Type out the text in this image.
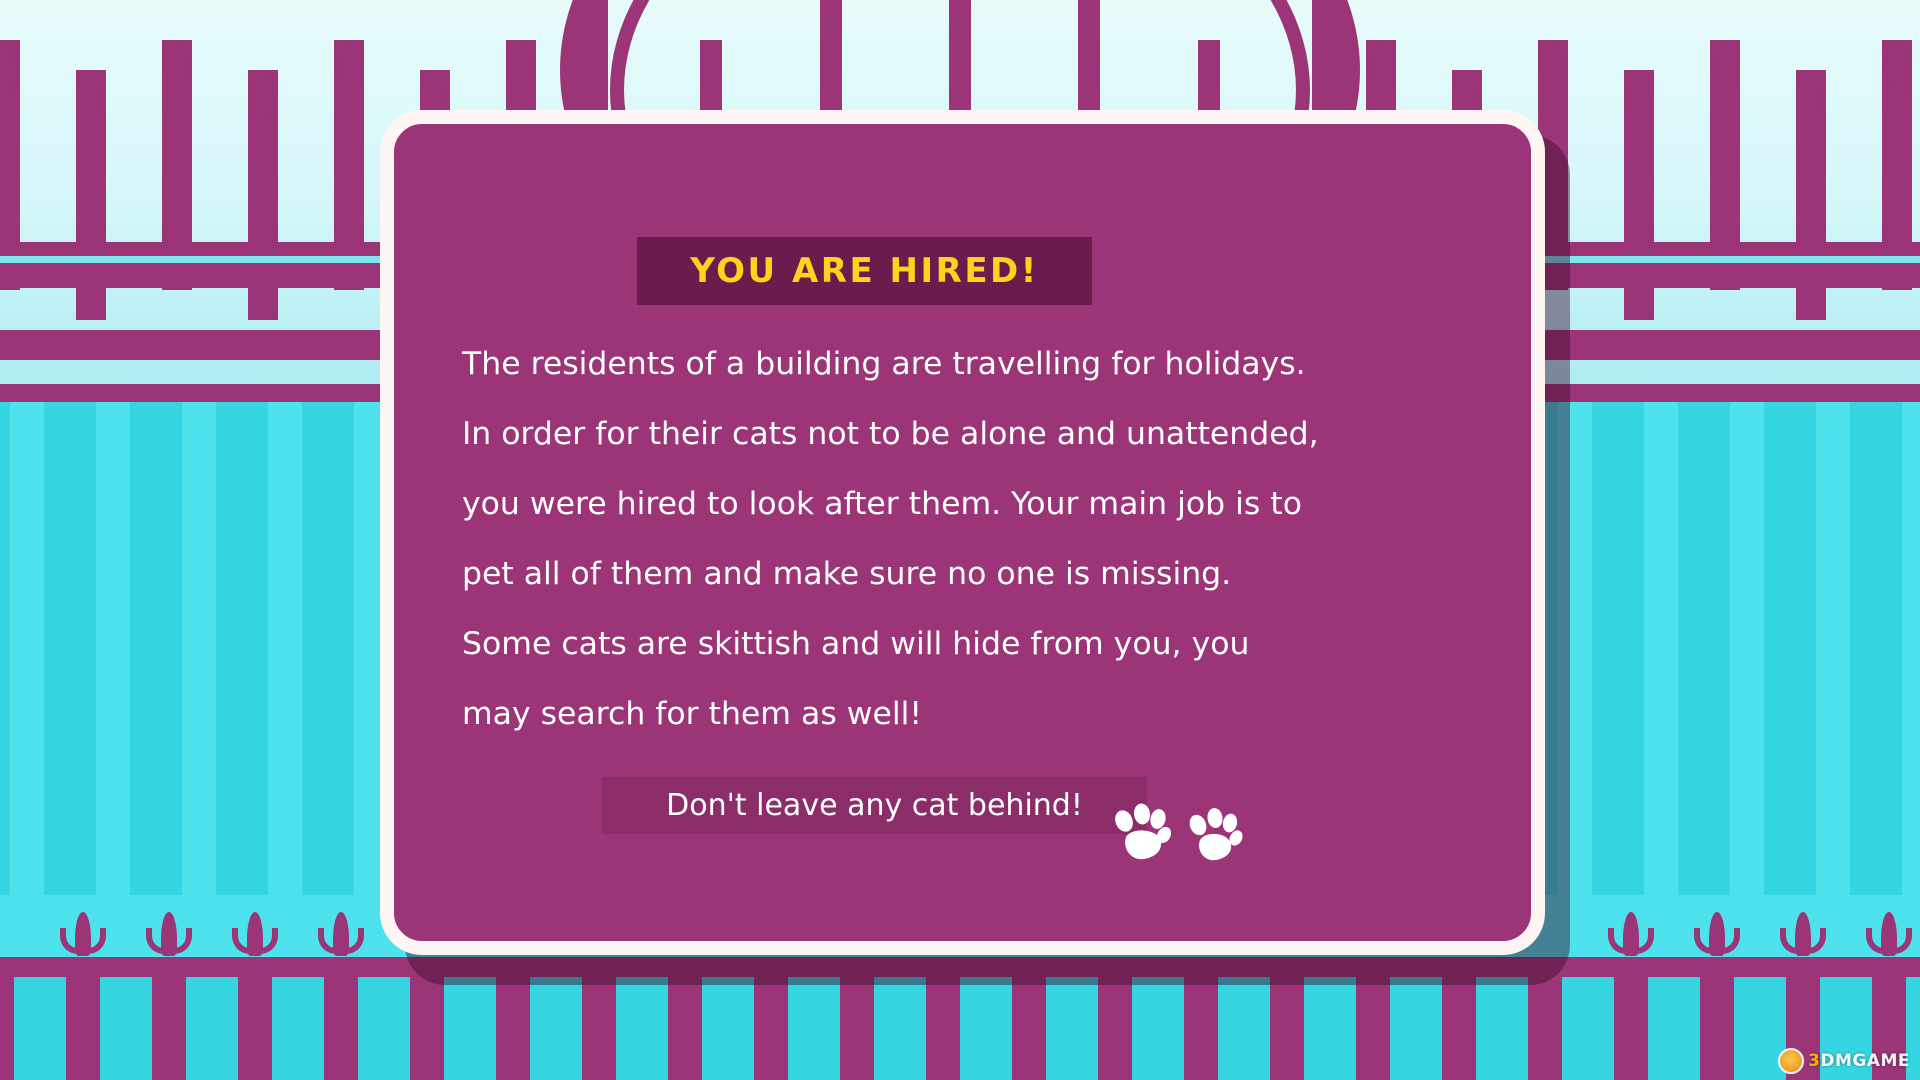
YOU ARE HIRED!

The residents of a building are travelling for holidays.

In order for their cats not to be alone and unattended,

you were hired to look after them. Your main job is to

pet all of them and make sure no one is missing.

Some cats are skittish and will hide from you, you

may search for them as well!

Don't leave any cat behind!
3DMGAME
